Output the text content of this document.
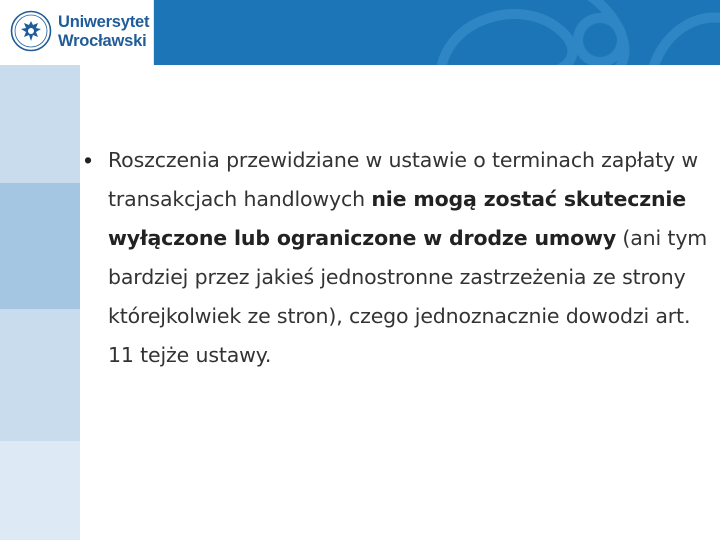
Uniwersytet
Wrocławski
• Roszczenia przewidziane w ustawie o terminach zapłaty w transakcjach handlowych nie mogą zostać skutecznie wyłączone lub ograniczone w drodze umowy (ani tym bardziej przez jakieś jednostronne zastrzeżenia ze strony którejkolwiek ze stron), czego jednoznacznie dowodzi art. 11 tejże ustawy.
